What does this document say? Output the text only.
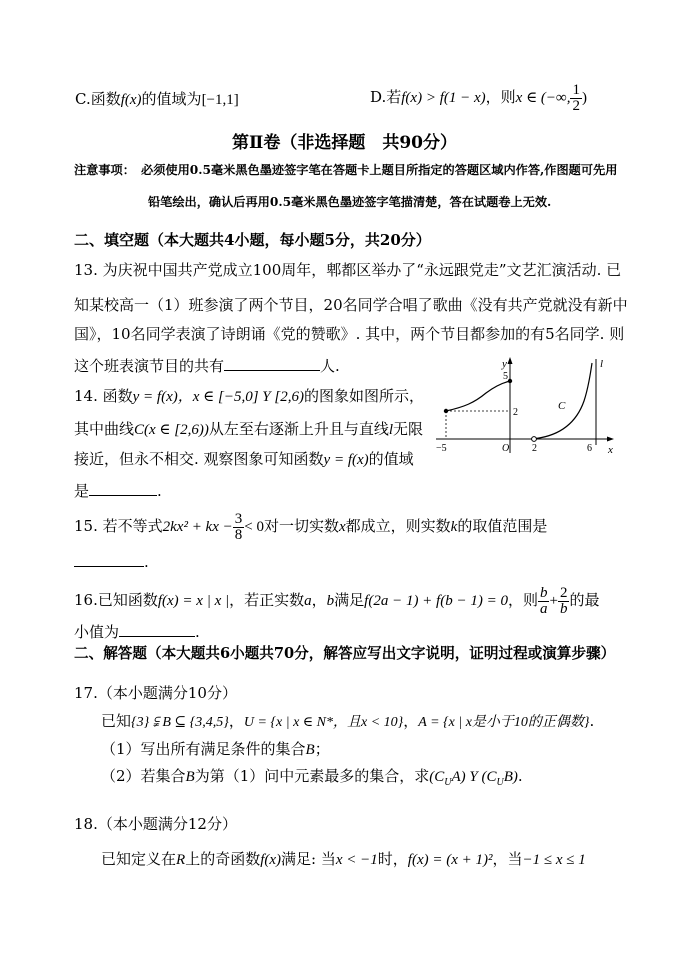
C.函数f(x)的值域为[−1,1]	D.若f(x) > f(1 − x)，则x ∈ (−∞, $\frac{1}{2}$ )
第Ⅱ卷（非选择题　共90分）
注意事项：　必须使用0.5毫米黑色墨迹签字笔在答题卡上题目所指定的答题区域内作答,作图题可先用
铅笔绘出，确认后再用0.5毫米黑色墨迹签字笔描清楚，答在试题卷上无效.
二、填空题（本大题共4小题，每小题5分，共20分）
13. 为庆祝中国共产党成立100周年，郫都区举办了“永远跟党走”文艺汇演活动. 已
知某校高一（1）班参演了两个节目，20名同学合唱了歌曲《没有共产党就没有新中
国》，10名同学表演了诗朗诵《党的赞歌》. 其中，两个节目都参加的有5名同学. 则
这个班表演节目的共有	人.
14. 函数y = f(x)，x ∈ [−5,0] Y [2,6)的图象如图所示，
其中曲线C(x ∈ [2,6))从左至右逐渐上升且与直线l无限
接近，但永不相交. 观察图象可知函数y = f(x)的值域
是	.
y
x
l
C
5
2
−5	O 2	6
15. 若不等式2kx² + kx − $\frac{3}{8} < 0$对一切实数x都成立，则实数k的取值范围是
.
16.已知函数f(x) = x | x |，若正实数a，b满足f(2a − 1) + f(b − 1) = 0，则 $\frac{b}{a} + \frac{2}{b}$ 的最
小值为	.
二、解答题（本大题共6小题共70分，解答应写出文字说明，证明过程或演算步骤）
17.（本小题满分10分）
已知{3} ⫋ B ⊆ {3,4,5}，U = {x | x ∈ N*，且x < 10}，A = {x | x是小于10的正偶数}.
（1）写出所有满足条件的集合B；
（2）若集合B为第（1）问中元素最多的集合，求$(C_UA)$ Y $(C_UB)$.
18.（本小题满分12分）
已知定义在R上的奇函数f(x)满足: 当x < −1时，f(x) = (x + 1)²，当−1 ≤ x ≤ 1
